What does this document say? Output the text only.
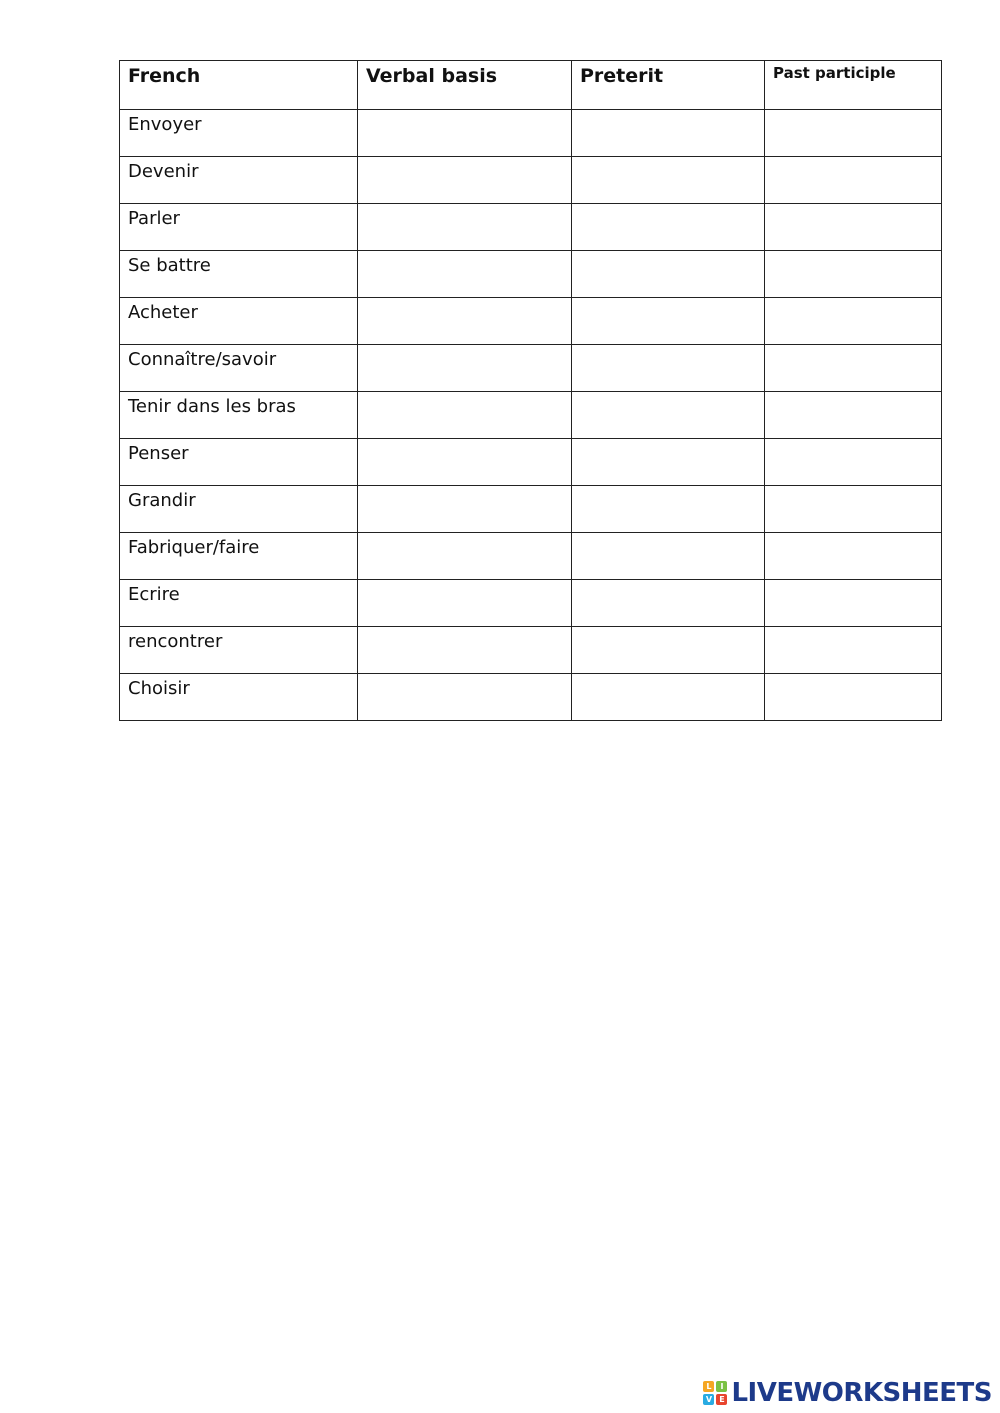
French	Verbal basis	Preterit	Past participle
Envoyer			
Devenir			
Parler			
Se battre			
Acheter			
Connaître/savoir			
Tenir dans les bras			
Penser			
Grandir			
Fabriquer/faire			
Ecrire			
rencontrer			
Choisir			
L	I
V E LIVEWORKSHEETS
